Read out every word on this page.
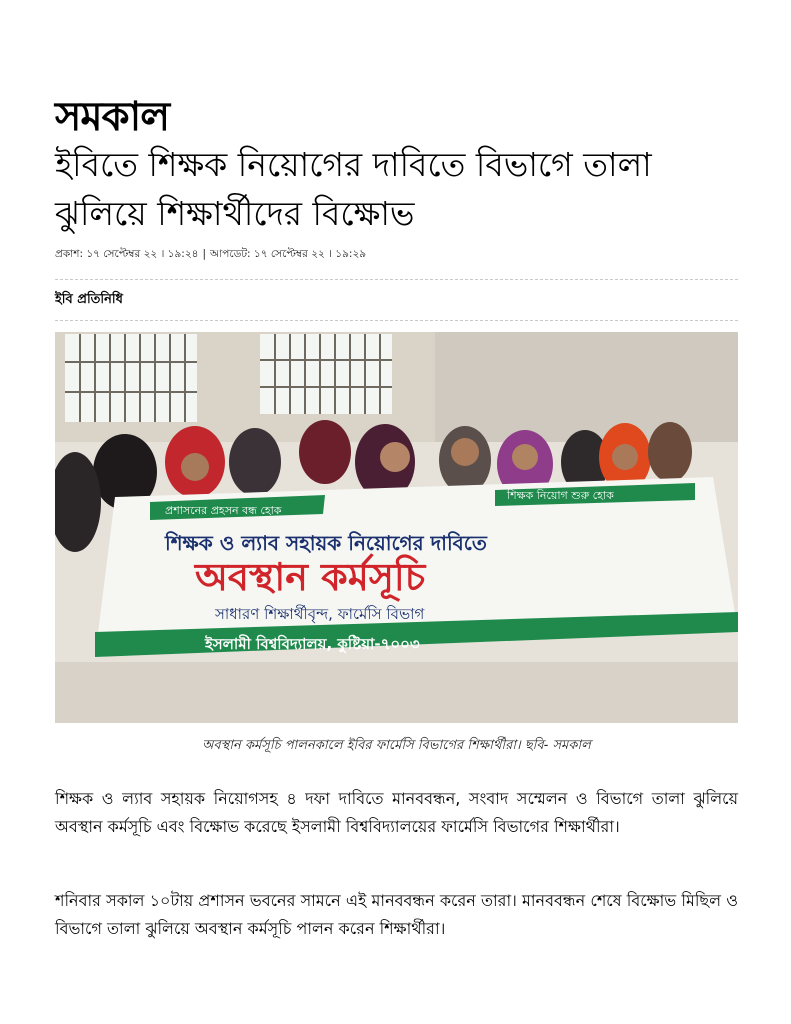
সমকাল
ইবিতে শিক্ষক নিয়োগের দাবিতে বিভাগে তালা ঝুলিয়ে শিক্ষার্থীদের বিক্ষোভ
প্রকাশ: ১৭ সেপ্টেম্বর ২২ । ১৯:২৪ | আপডেট: ১৭ সেপ্টেম্বর ২২ । ১৯:২৯
ইবি প্রতিনিধি
প্রশাসনের প্রহসন বন্ধ হোক
শিক্ষক নিয়োগ শুরু হোক
শিক্ষক ও ল্যাব সহায়ক নিয়োগের দাবিতে
অবস্থান কর্মসূচি
সাধারণ শিক্ষার্থীবৃন্দ, ফার্মেসি বিভাগ
ইসলামী বিশ্ববিদ্যালয়, কুষ্টিয়া-৭০০৩
অবস্থান কর্মসূচি পালনকালে ইবির ফার্মেসি বিভাগের শিক্ষার্থীরা। ছবি- সমকাল

শিক্ষক ও ল্যাব সহায়ক নিয়োগসহ ৪ দফা দাবিতে মানববন্ধন, সংবাদ সম্মেলন ও বিভাগে তালা ঝুলিয়ে অবস্থান কর্মসূচি এবং বিক্ষোভ করেছে ইসলামী বিশ্ববিদ্যালয়ের ফার্মেসি বিভাগের শিক্ষার্থীরা।

শনিবার সকাল ১০টায় প্রশাসন ভবনের সামনে এই মানববন্ধন করেন তারা। মানববন্ধন শেষে বিক্ষোভ মিছিল ও বিভাগে তালা ঝুলিয়ে অবস্থান কর্মসূচি পালন করেন শিক্ষার্থীরা।
